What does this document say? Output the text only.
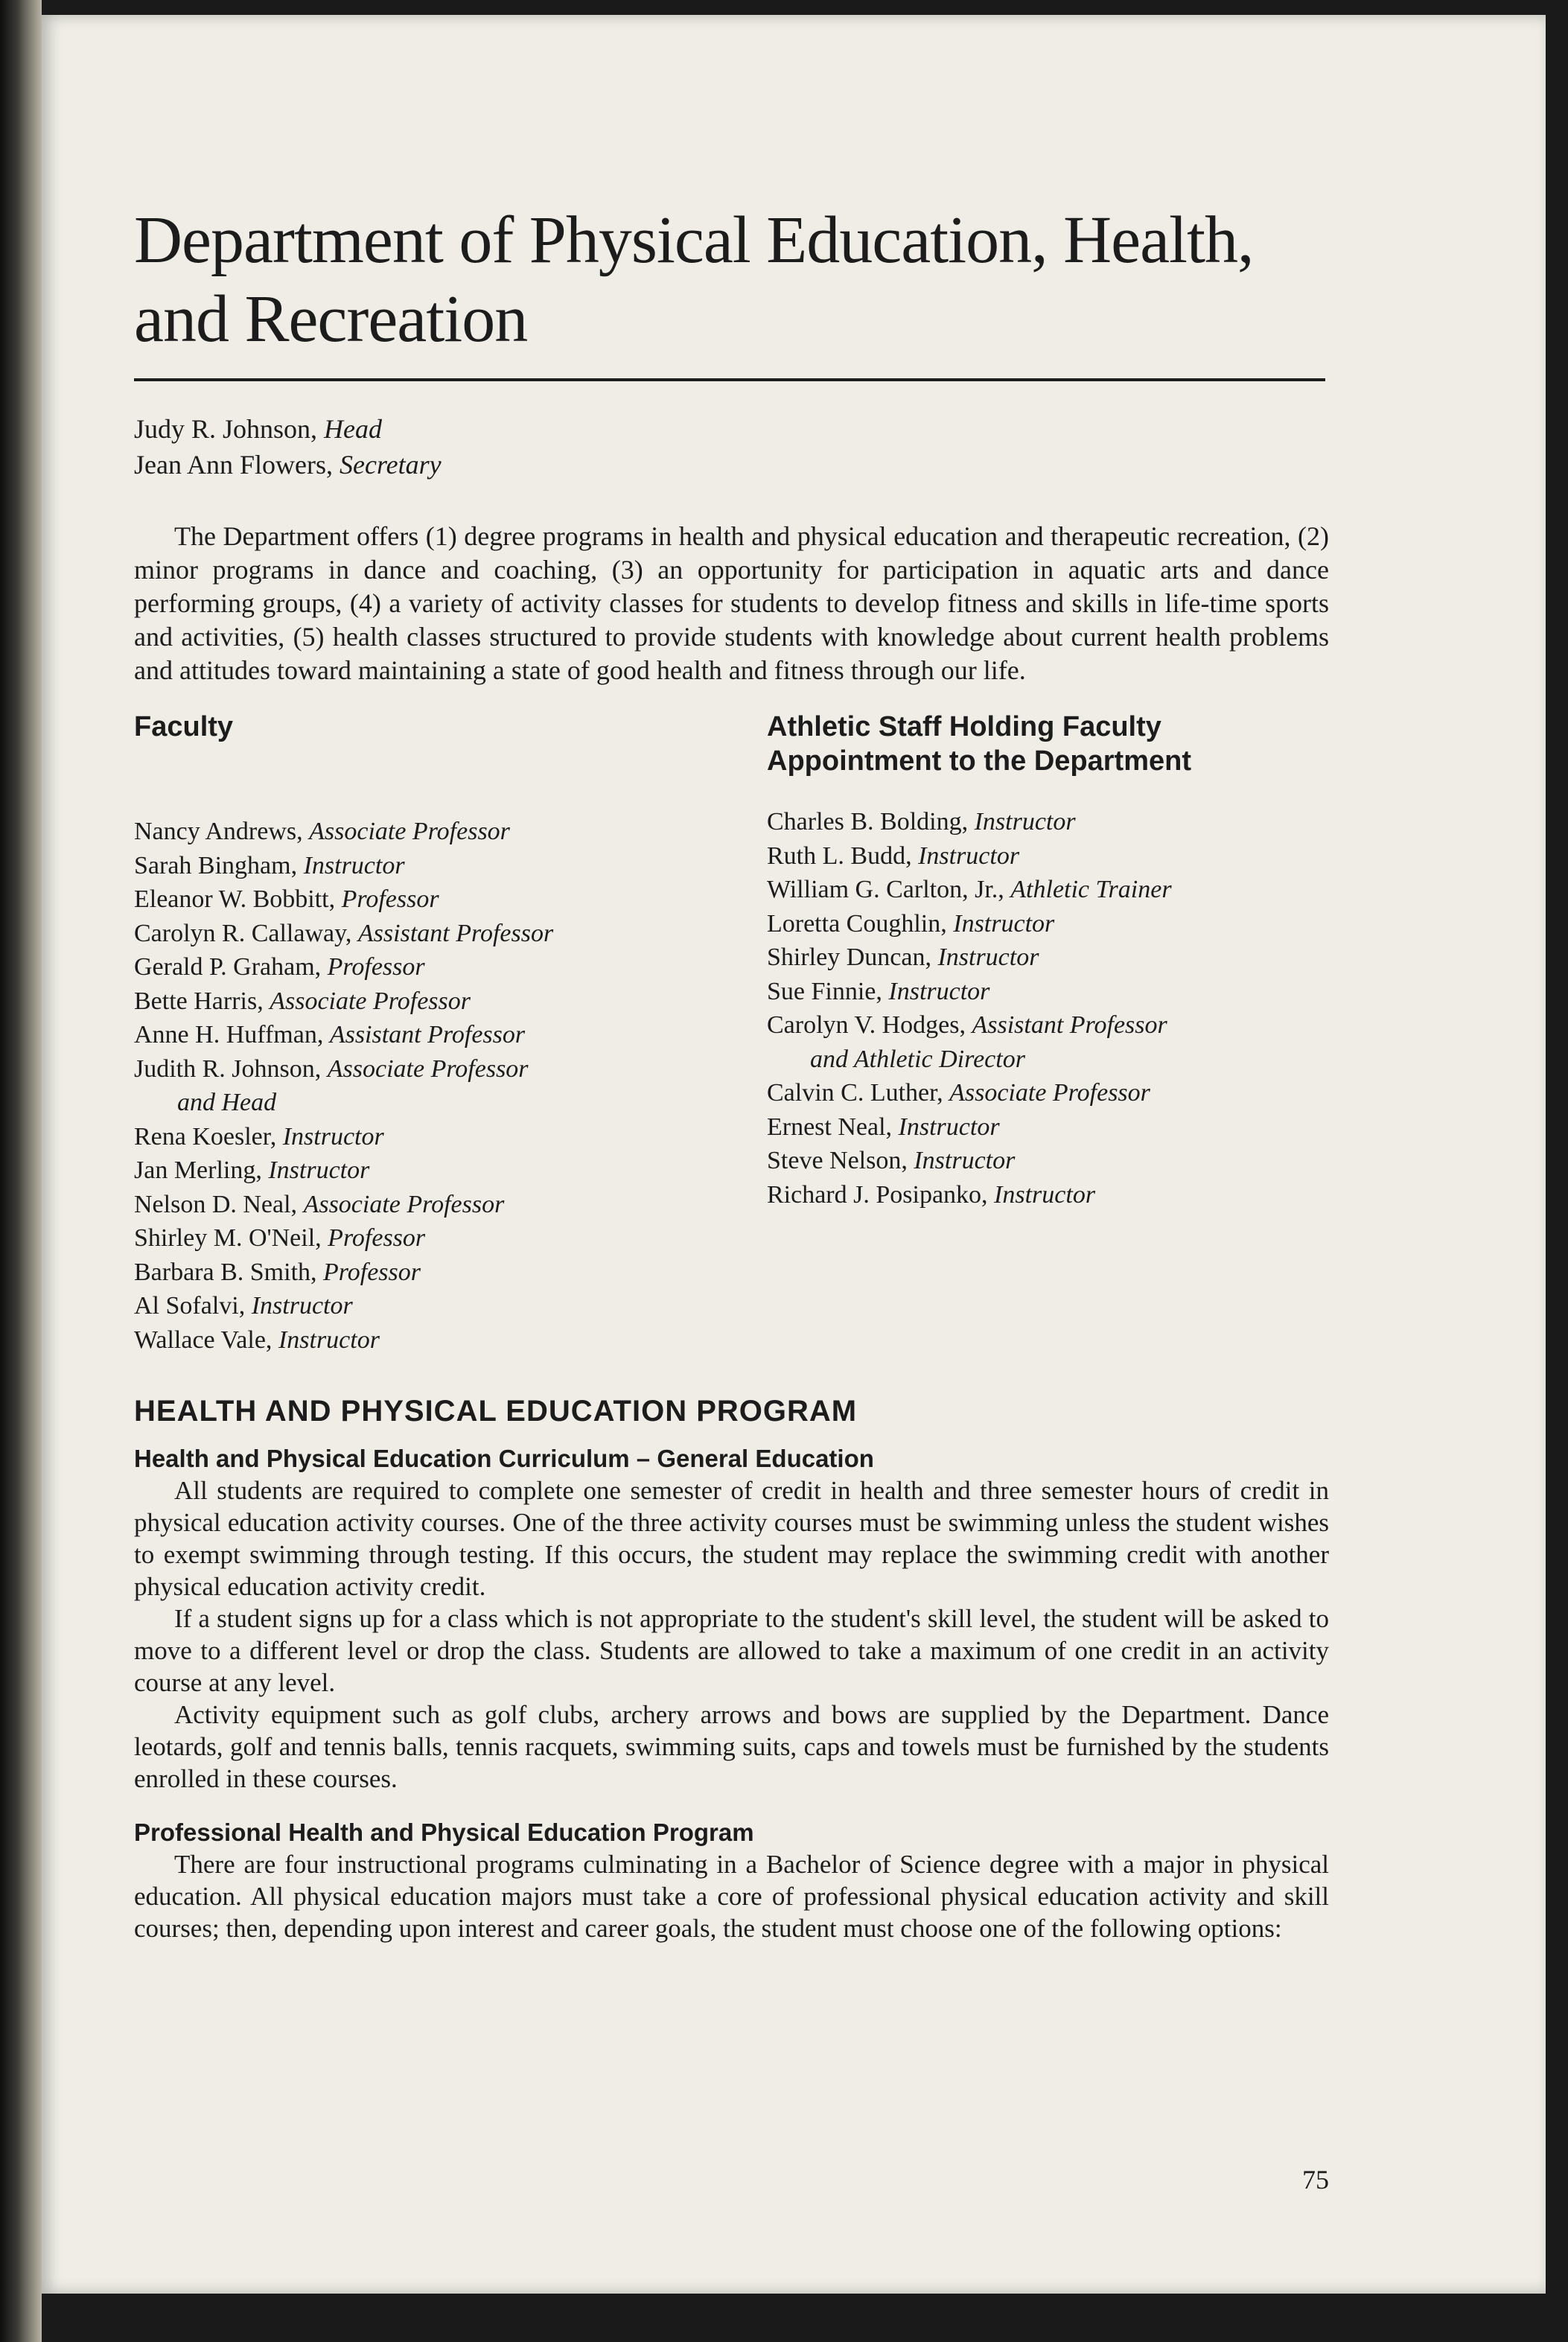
Department of Physical Education, Health, and Recreation
Judy R. Johnson, Head
Jean Ann Flowers, Secretary

The Department offers (1) degree programs in health and physical education and therapeutic recreation, (2) minor programs in dance and coaching, (3) an opportunity for participation in aquatic arts and dance performing groups, (4) a variety of activity classes for students to develop fitness and skills in life-time sports and activities, (5) health classes structured to provide students with knowledge about current health problems and attitudes toward maintaining a state of good health and fitness through our life.

Faculty
Nancy Andrews, Associate Professor
Sarah Bingham, Instructor
Eleanor W. Bobbitt, Professor
Carolyn R. Callaway, Assistant Professor
Gerald P. Graham, Professor
Bette Harris, Associate Professor
Anne H. Huffman, Assistant Professor
Judith R. Johnson, Associate Professor
and Head
Rena Koesler, Instructor
Jan Merling, Instructor
Nelson D. Neal, Associate Professor
Shirley M. O'Neil, Professor
Barbara B. Smith, Professor
Al Sofalvi, Instructor
Wallace Vale, Instructor
Athletic Staff Holding Faculty
Appointment to the Department
Charles B. Bolding, Instructor
Ruth L. Budd, Instructor
William G. Carlton, Jr., Athletic Trainer
Loretta Coughlin, Instructor
Shirley Duncan, Instructor
Sue Finnie, Instructor
Carolyn V. Hodges, Assistant Professor
and Athletic Director
Calvin C. Luther, Associate Professor
Ernest Neal, Instructor
Steve Nelson, Instructor
Richard J. Posipanko, Instructor
HEALTH AND PHYSICAL EDUCATION PROGRAM
Health and Physical Education Curriculum – General Education

All students are required to complete one semester of credit in health and three semester hours of credit in physical education activity courses. One of the three activity courses must be swimming unless the student wishes to exempt swimming through testing. If this occurs, the student may replace the swimming credit with another physical education activity credit.

If a student signs up for a class which is not appropriate to the student's skill level, the student will be asked to move to a different level or drop the class. Students are allowed to take a maximum of one credit in an activity course at any level.

Activity equipment such as golf clubs, archery arrows and bows are supplied by the Department. Dance leotards, golf and tennis balls, tennis racquets, swimming suits, caps and towels must be furnished by the students enrolled in these courses.

Professional Health and Physical Education Program

There are four instructional programs culminating in a Bachelor of Science degree with a major in physical education. All physical education majors must take a core of professional physical education activity and skill courses; then, depending upon interest and career goals, the student must choose one of the following options:

75
